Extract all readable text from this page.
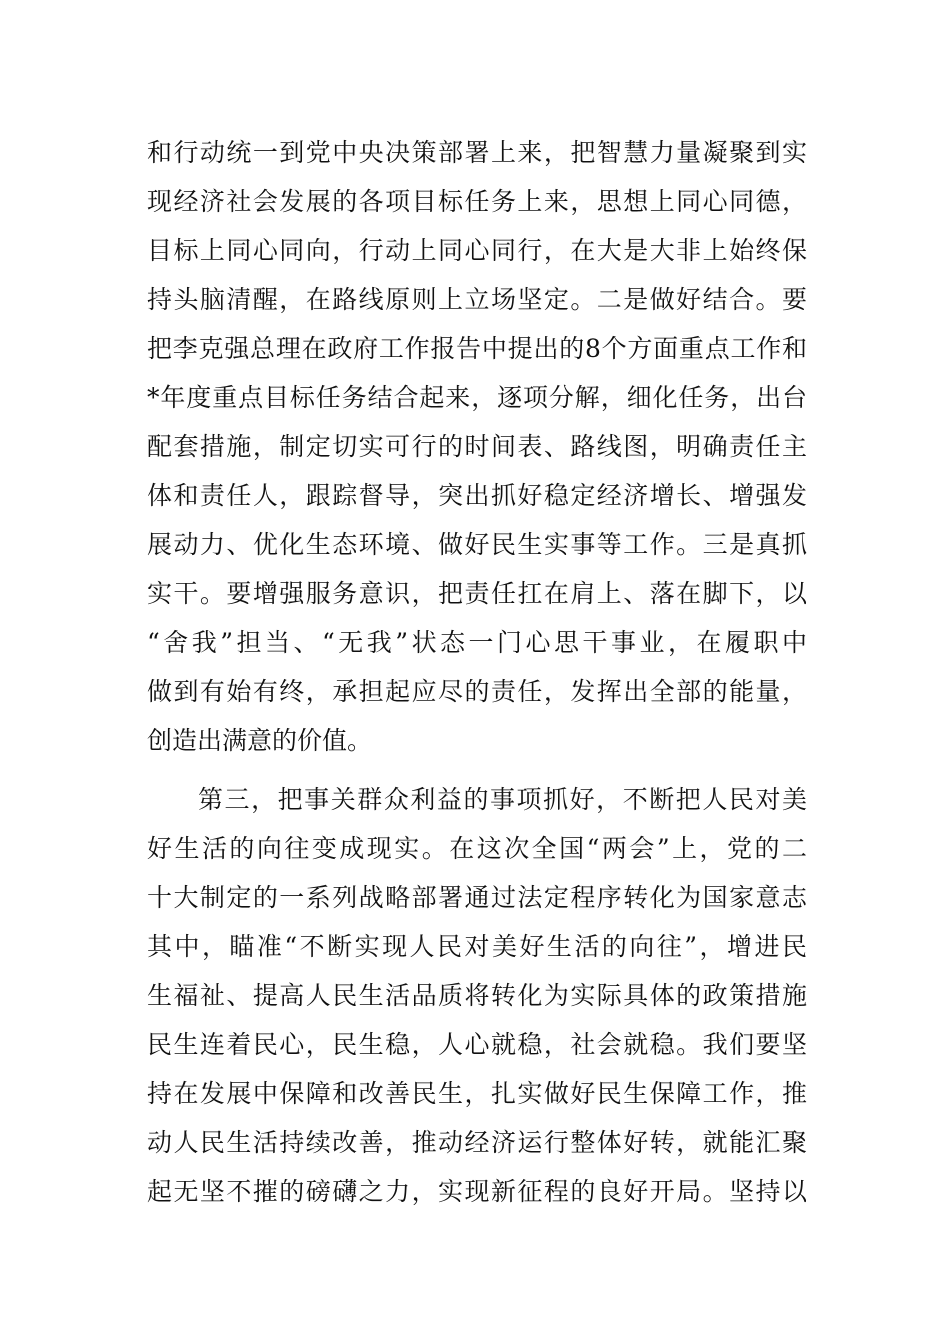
和行动统一到党中央决策部署上来，把智慧力量凝聚到实
现经济社会发展的各项目标任务上来，思想上同心同德，
目标上同心同向，行动上同心同行，在大是大非上始终保
持头脑清醒，在路线原则上立场坚定。二是做好结合。要
把李克强总理在政府工作报告中提出的8个方面重点工作和
*年度重点目标任务结合起来，逐项分解，细化任务，出台
配套措施，制定切实可行的时间表、路线图，明确责任主
体和责任人，跟踪督导，突出抓好稳定经济增长、增强发
展动力、优化生态环境、做好民生实事等工作。三是真抓
实干。要增强服务意识，把责任扛在肩上、落在脚下，以
“舍我”担当、“无我”状态一门心思干事业，在履职中
做到有始有终，承担起应尽的责任，发挥出全部的能量，
创造出满意的价值。
第三，把事关群众利益的事项抓好，不断把人民对美
好生活的向往变成现实。在这次全国“两会”上，党的二
十大制定的一系列战略部署通过法定程序转化为国家意志
其中，瞄准“不断实现人民对美好生活的向往”，增进民
生福祉、提高人民生活品质将转化为实际具体的政策措施
民生连着民心，民生稳，人心就稳，社会就稳。我们要坚
持在发展中保障和改善民生，扎实做好民生保障工作，推
动人民生活持续改善，推动经济运行整体好转，就能汇聚
起无坚不摧的磅礴之力，实现新征程的良好开局。坚持以
